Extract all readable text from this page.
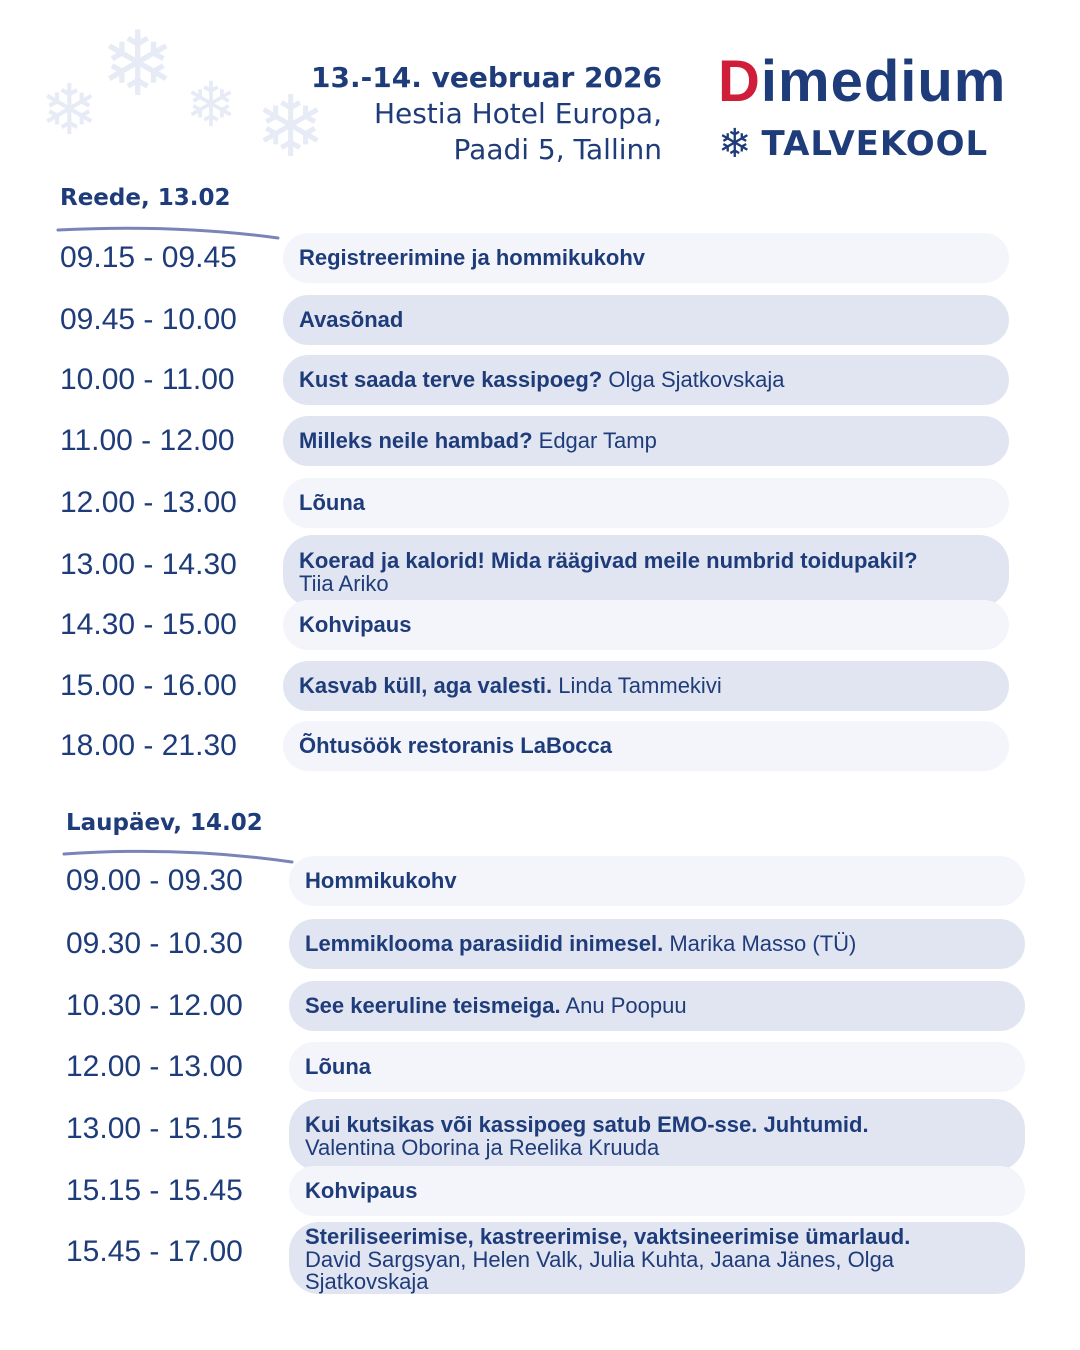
❄
❄ ❄ ❄
13.-14. veebruar 2026
Hestia Hotel Europa,
Paadi 5, Tallinn
Dimedium
❄ TALVEKOOL
Reede, 13.02
09.15 - 09.45	Registreerimine ja hommikukohv
09.45 - 10.00	Avasõnad
10.00 - 11.00	Kust saada terve kassipoeg? Olga Sjatkovskaja
11.00 - 12.00	Milleks neile hambad? Edgar Tamp
12.00 - 13.00	Lõuna
13.00 - 14.30	Koerad ja kalorid! Mida räägivad meile numbrid toidupakil?
Tiia Ariko
14.30 - 15.00	Kohvipaus
15.00 - 16.00	Kasvab küll, aga valesti. Linda Tammekivi
18.00 - 21.30	Õhtusöök restoranis LaBocca
Laupäev, 14.02
09.00 - 09.30	Hommikukohv
09.30 - 10.30	Lemmiklooma parasiidid inimesel. Marika Masso (TÜ)
10.30 - 12.00	See keeruline teismeiga. Anu Poopuu
12.00 - 13.00	Lõuna
13.00 - 15.15	Kui kutsikas või kassipoeg satub EMO-sse. Juhtumid.
Valentina Oborina ja Reelika Kruuda
15.15 - 15.45	Kohvipaus
15.45 - 17.00	Steriliseerimise, kastreerimise, vaktsineerimise ümarlaud.
David Sargsyan, Helen Valk, Julia Kuhta, Jaana Jänes, Olga Sjatkovskaja
